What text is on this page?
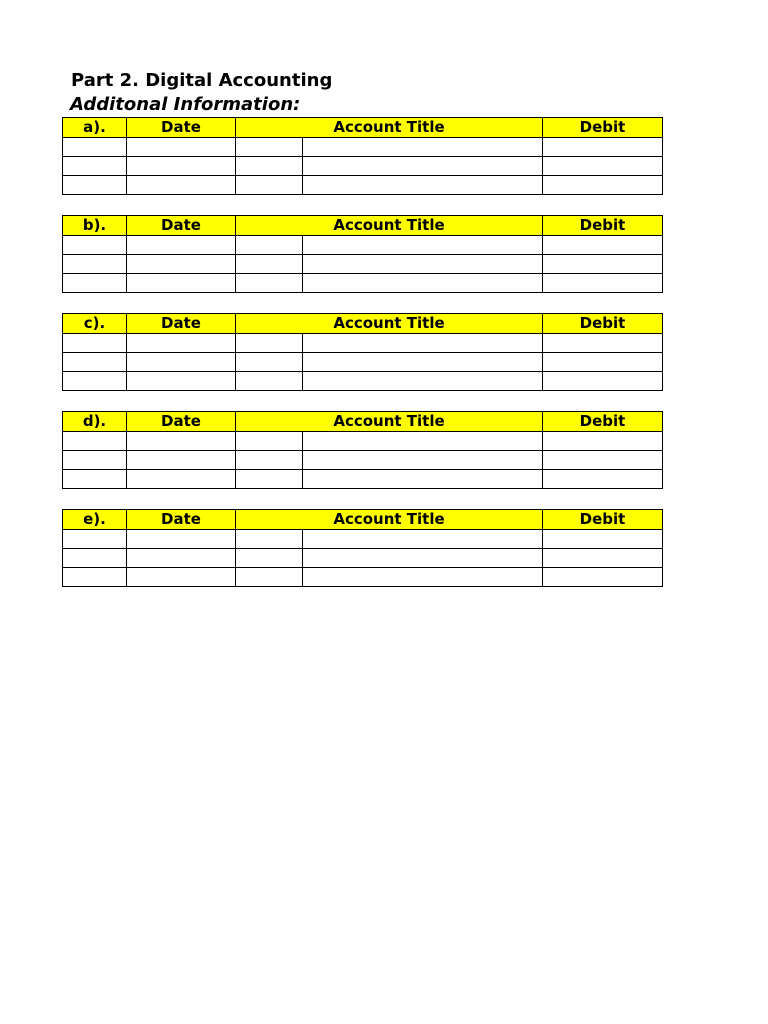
Part 2. Digital Accounting
Additonal Information:
a).	Date	Account Title		Debit

b).	Date	Account Title		Debit

c).	Date	Account Title		Debit

d).	Date	Account Title		Debit

e).	Date	Account Title		Debit
